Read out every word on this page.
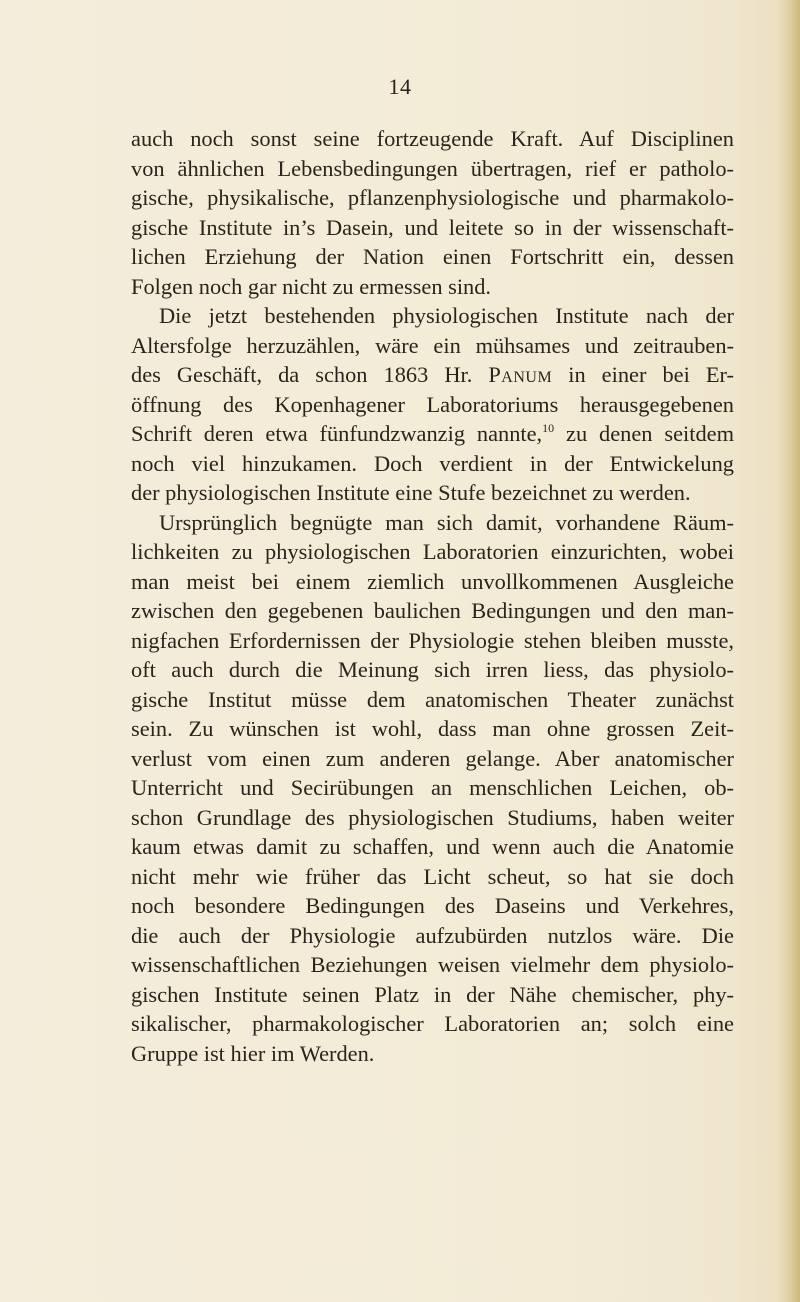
14
auch noch sonst seine fortzeugende Kraft. Auf Disciplinen
von ähnlichen Lebensbedingungen übertragen, rief er patholo-
gische, physikalische, pflanzenphysiologische und pharmakolo-
gische Institute in’s Dasein, und leitete so in der wissenschaft-
lichen Erziehung der Nation einen Fortschritt ein, dessen
Folgen noch gar nicht zu ermessen sind.
Die jetzt bestehenden physiologischen Institute nach der
Altersfolge herzuzählen, wäre ein mühsames und zeitrauben-
des Geschäft, da schon 1863 Hr. Panum in einer bei Er-
öffnung des Kopenhagener Laboratoriums herausgegebenen
Schrift deren etwa fünfundzwanzig nannte,$^{10}$ zu denen seitdem
noch viel hinzukamen. Doch verdient in der Entwickelung
der physiologischen Institute eine Stufe bezeichnet zu werden.
Ursprünglich begnügte man sich damit, vorhandene Räum-
lichkeiten zu physiologischen Laboratorien einzurichten, wobei
man meist bei einem ziemlich unvollkommenen Ausgleiche
zwischen den gegebenen baulichen Bedingungen und den man-
nigfachen Erfordernissen der Physiologie stehen bleiben musste,
oft auch durch die Meinung sich irren liess, das physiolo-
gische Institut müsse dem anatomischen Theater zunächst
sein. Zu wünschen ist wohl, dass man ohne grossen Zeit-
verlust vom einen zum anderen gelange. Aber anatomischer
Unterricht und Secirübungen an menschlichen Leichen, ob-
schon Grundlage des physiologischen Studiums, haben weiter
kaum etwas damit zu schaffen, und wenn auch die Anatomie
nicht mehr wie früher das Licht scheut, so hat sie doch
noch besondere Bedingungen des Daseins und Verkehres,
die auch der Physiologie aufzubürden nutzlos wäre. Die
wissenschaftlichen Beziehungen weisen vielmehr dem physiolo-
gischen Institute seinen Platz in der Nähe chemischer, phy-
sikalischer, pharmakologischer Laboratorien an; solch eine
Gruppe ist hier im Werden.
